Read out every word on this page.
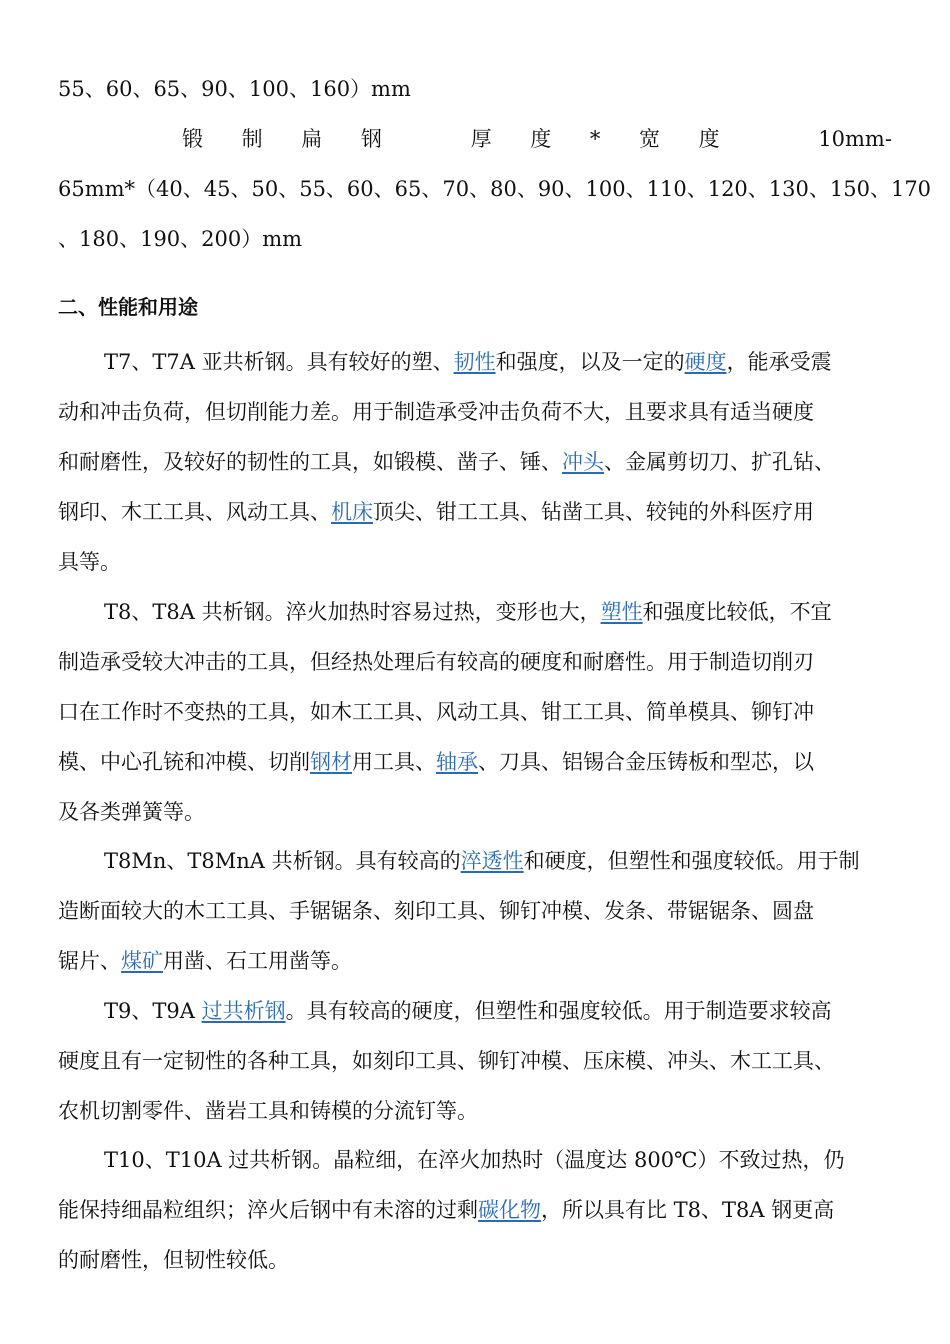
55、60、65、90、100、160）mm
锻 制 扁 钢	厚 度 * 宽 度	10mm-
65mm*（40、45、50、55、60、65、70、80、90、100、110、120、130、150、170
、180、190、200）mm
二、性能和用途
T7、T7A 亚共析钢。具有较好的塑、韧性和强度，以及一定的硬度，能承受震
动和冲击负荷，但切削能力差。用于制造承受冲击负荷不大，且要求具有适当硬度
和耐磨性，及较好的韧性的工具，如锻模、凿子、锤、冲头、金属剪切刀、扩孔钻、
钢印、木工工具、风动工具、机床顶尖、钳工工具、钻凿工具、较钝的外科医疗用
具等。
T8、T8A 共析钢。淬火加热时容易过热，变形也大，塑性和强度比较低，不宜
制造承受较大冲击的工具，但经热处理后有较高的硬度和耐磨性。用于制造切削刃
口在工作时不变热的工具，如木工工具、风动工具、钳工工具、简单模具、铆钉冲
模、中心孔铳和冲模、切削钢材用工具、轴承、刀具、铝锡合金压铸板和型芯，以
及各类弹簧等。
T8Mn、T8MnA 共析钢。具有较高的淬透性和硬度，但塑性和强度较低。用于制
造断面较大的木工工具、手锯锯条、刻印工具、铆钉冲模、发条、带锯锯条、圆盘
锯片、煤矿用凿、石工用凿等。
T9、T9A 过共析钢。具有较高的硬度，但塑性和强度较低。用于制造要求较高
硬度且有一定韧性的各种工具，如刻印工具、铆钉冲模、压床模、冲头、木工工具、
农机切割零件、凿岩工具和铸模的分流钉等。
T10、T10A 过共析钢。晶粒细，在淬火加热时（温度达 800℃）不致过热，仍
能保持细晶粒组织；淬火后钢中有未溶的过剩碳化物，所以具有比 T8、T8A 钢更高
的耐磨性，但韧性较低。
